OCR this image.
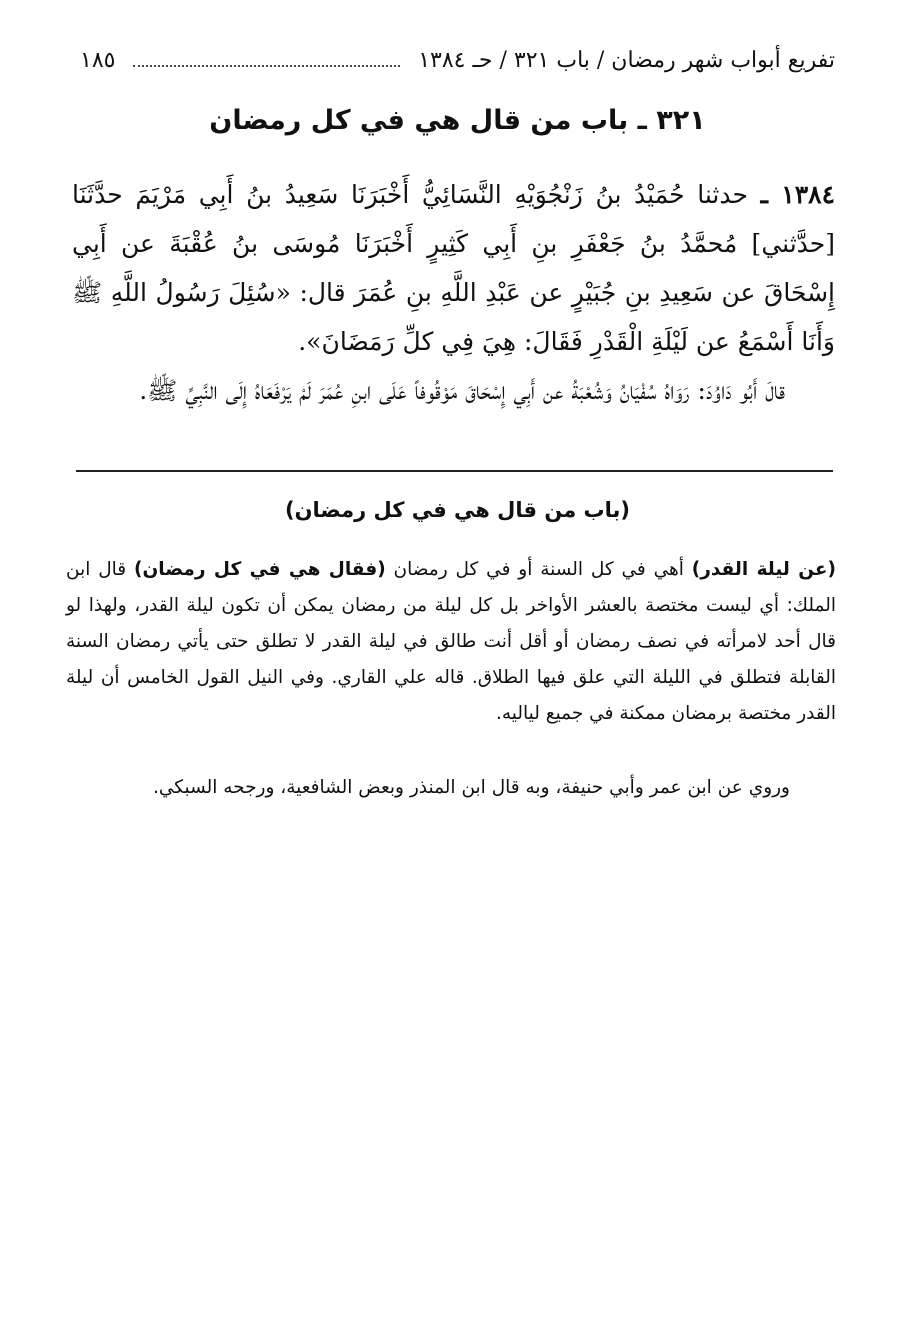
تفريع أبواب شهر رمضان / باب ٣٢١ / حـ ١٣٨٤
١٨٥
٣٢١ ـ باب من قال هي في كل رمضان

١٣٨٤ ـ حدثنا حُمَيْدُ بنُ زَنْجُوَيْهِ النَّسَائِيُّ أَخْبَرَنَا سَعِيدُ بنُ أَبِي مَرْيَمَ حدَّثَنَا [حدَّثني] مُحمَّدُ بنُ جَعْفَرِ بنِ أَبِي كَثِيرٍ أَخْبَرَنَا مُوسَى بنُ عُقْبَةَ عن أَبِي إِسْحَاقَ عن سَعِيدِ بنِ جُبَيْرٍ عن عَبْدِ اللَّهِ بنِ عُمَرَ قال: «سُئِلَ رَسُولُ اللَّهِ ﷺ وَأَنَا أَسْمَعُ عن لَيْلَةِ الْقَدْرِ فَقَالَ: هِيَ فِي كلِّ رَمَضَانَ».

قالَ أَبُو دَاوُدَ: رَوَاهُ سُفْيَانُ وَشُعْبَةُ عن أَبِي إِسْحَاقَ مَوْقُوفاً عَلَى ابنِ عُمَرَ لَمْ يَرْفَعَاهُ إِلَى النَّبِيِّ ﷺ.

(باب من قال هي في كل رمضان)

(عن ليلة القدر) أهي في كل السنة أو في كل رمضان (فقال هي في كل رمضان) قال ابن الملك: أي ليست مختصة بالعشر الأواخر بل كل ليلة من رمضان يمكن أن تكون ليلة القدر، ولهذا لو قال أحد لامرأته في نصف رمضان أو أقل أنت طالق في ليلة القدر لا تطلق حتى يأتي رمضان السنة القابلة فتطلق في الليلة التي علق فيها الطلاق. قاله علي القاري. وفي النيل القول الخامس أن ليلة القدر مختصة برمضان ممكنة في جميع لياليه.

وروي عن ابن عمر وأبي حنيفة، وبه قال ابن المنذر وبعض الشافعية، ورجحه السبكي.
